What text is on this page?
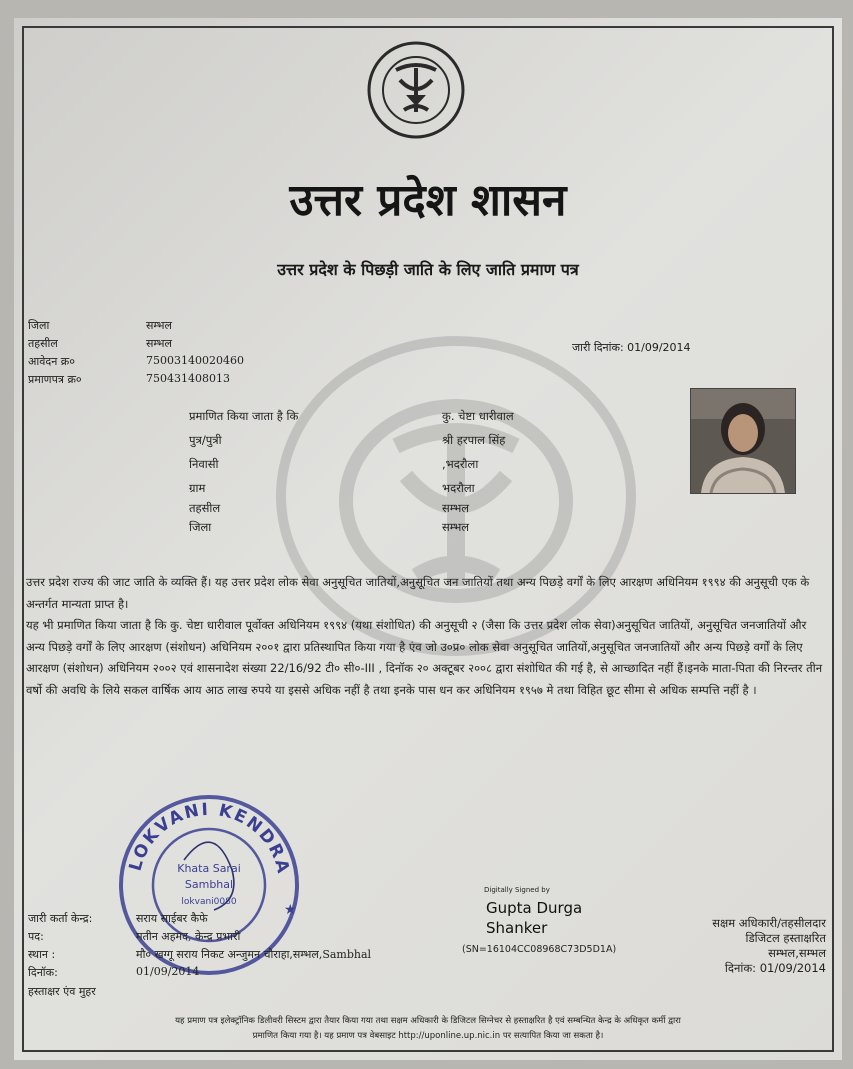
उत्तर प्रदेश शासन
उत्तर प्रदेश के पिछड़ी जाति के लिए जाति प्रमाण पत्र
जिला	सम्भल
तहसील	सम्भल
आवेदन क्र०	75003140020460
प्रमाणपत्र क्र०	750431408013
जारी दिनांक: 01/09/2014
प्रमाणित किया जाता है कि	कु. चेष्टा धारीवाल
पुत्र/पुत्री	श्री हरपाल सिंह
निवासी	,भदरौला
ग्राम	भदरौला
तहसील	सम्भल
जिला	सम्भल

उत्तर प्रदेश राज्य की जाट जाति के व्यक्ति हैं। यह उत्तर प्रदेश लोक सेवा अनुसूचित जातियों,अनुसूचित जन जातियों तथा अन्य पिछड़े वर्गों के लिए आरक्षण अधिनियम १९९४ की अनुसूची एक के अन्तर्गत मान्यता प्राप्त है।

यह भी प्रमाणित किया जाता है कि कु. चेष्टा धारीवाल पूर्वोक्त अधिनियम १९९४ (यथा संशोधित) की अनुसूची २ (जैसा कि उत्तर प्रदेश लोक सेवा)अनुसूचित जातियों, अनुसूचित जनजातियों और अन्य पिछड़े वर्गों के लिए आरक्षण (संशोधन) अधिनियम २००१ द्वारा प्रतिस्थापित किया गया है एंव जो उ०प्र० लोक सेवा अनुसूचित जातियों,अनुसूचित जनजातियों और अन्य पिछड़े वर्गों के लिए आरक्षण (संशोधन) अधिनियम २००२ एवं शासनादेश संख्या 22/16/92 टी० सी०-III , दिनॉक २० अक्टूबर २००८ द्वारा संशोधित की गई है, से आच्छादित नहीं हैं।इनके माता-पिता की निरन्तर तीन वर्षो की अवधि के लिये सकल वार्षिक आय आठ लाख रुपये या इससे अधिक नहीं है तथा इनके पास धन कर अधिनियम १९५७ मे तथा विहित छूट सीमा से अधिक सम्पत्ति नहीं है ।

LOKVANI KENDRA
Khata Sarai
Sambhal
lokvani0080	★
जारी कर्ता केन्द्र:	सराय साईबर कैफे
पद:	मतीन अहमद, केन्द्र प्रभारी
स्थान :	मौ० खग्गू सराय निकट अन्जुमन चौराहा,सम्भल,Sambhal
दिनॉक:	01/09/2014
हस्ताक्षर एंव मुहर
Digitally Signed by
Gupta Durga
Shanker
(SN=16104CC08968C73D5D1A)
सक्षम अधिकारी/तहसीलदार
डिजिटल हस्ताक्षरित
सम्भल,सम्भल
दिनांक: 01/09/2014
यह प्रमाण पत्र इलेक्ट्रॉनिक डिलीवरी सिस्टम द्वारा तैयार किया गया तथा सक्षम अधिकारी के डिजिटल सिग्नेचर से हस्ताक्षरित है एवं सम्बन्धित केन्द्र के अधिकृत कर्मी द्वारा
प्रमाणित किया गया है। यह प्रमाण पत्र वेबसाइट http://uponline.up.nic.in पर सत्यापित किया जा सकता है।
